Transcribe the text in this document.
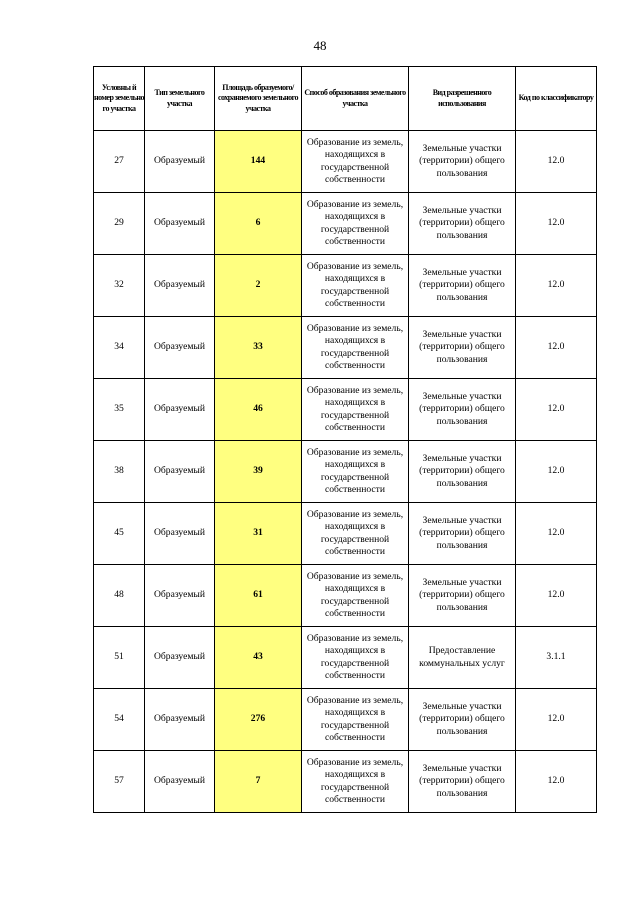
48
Условны й номер земельно го участка	Тип земельного участка	Площадь образуемого/ сохраняемого земельного участка	Способ образования земельного участка	Вид разрешенного использования	Код по классификатору
27	Образуемый	144	Образование из земель, находящихся в государственной собственности	Земельные участки (территории) общего пользования	12.0
29	Образуемый	6	Образование из земель, находящихся в государственной собственности	Земельные участки (территории) общего пользования	12.0
32	Образуемый	2	Образование из земель, находящихся в государственной собственности	Земельные участки (территории) общего пользования	12.0
34	Образуемый	33	Образование из земель, находящихся в государственной собственности	Земельные участки (территории) общего пользования	12.0
35	Образуемый	46	Образование из земель, находящихся в государственной собственности	Земельные участки (территории) общего пользования	12.0
38	Образуемый	39	Образование из земель, находящихся в государственной собственности	Земельные участки (территории) общего пользования	12.0
45	Образуемый	31	Образование из земель, находящихся в государственной собственности	Земельные участки (территории) общего пользования	12.0
48	Образуемый	61	Образование из земель, находящихся в государственной собственности	Земельные участки (территории) общего пользования	12.0
51	Образуемый	43	Образование из земель, находящихся в государственной собственности	Предоставление коммунальных услуг	3.1.1
54	Образуемый	276	Образование из земель, находящихся в государственной собственности	Земельные участки (территории) общего пользования	12.0
57	Образуемый	7	Образование из земель, находящихся в государственной собственности	Земельные участки (территории) общего пользования	12.0
